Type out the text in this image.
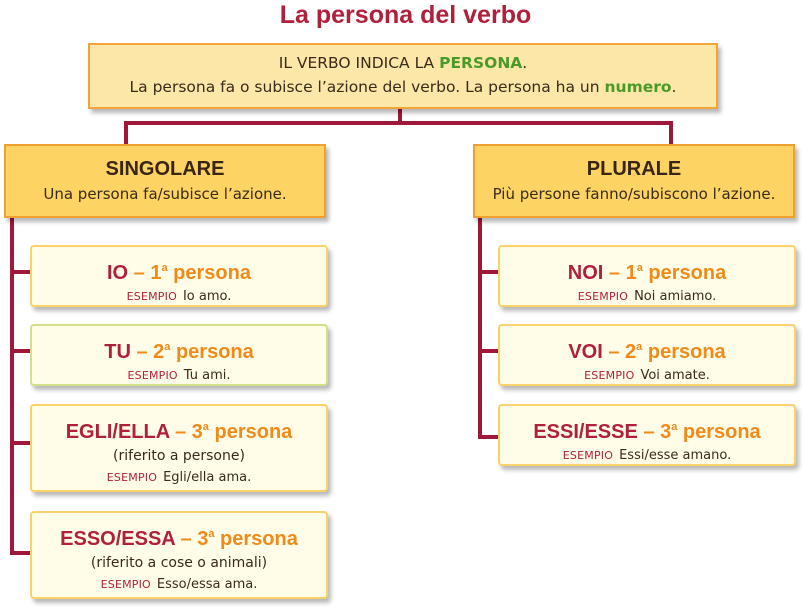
La persona del verbo
IL VERBO INDICA LA PERSONA.
La persona fa o subisce l’azione del verbo. La persona ha un numero.
SINGOLARE
Una persona fa/subisce l’azione.
PLURALE
Più persone fanno/subiscono l’azione.
IO – 1$^a$ persona
ESEMPIO Io amo.
TU – 2$^a$ persona
ESEMPIO Tu ami.
EGLI/ELLA – 3$^a$ persona
(riferito a persone)
ESEMPIO Egli/ella ama.
ESSO/ESSA – 3$^a$ persona
(riferito a cose o animali)
ESEMPIO Esso/essa ama.
NOI – 1$^a$ persona
ESEMPIO Noi amiamo.
VOI – 2$^a$ persona
ESEMPIO Voi amate.
ESSI/ESSE – 3$^a$ persona
ESEMPIO Essi/esse amano.
